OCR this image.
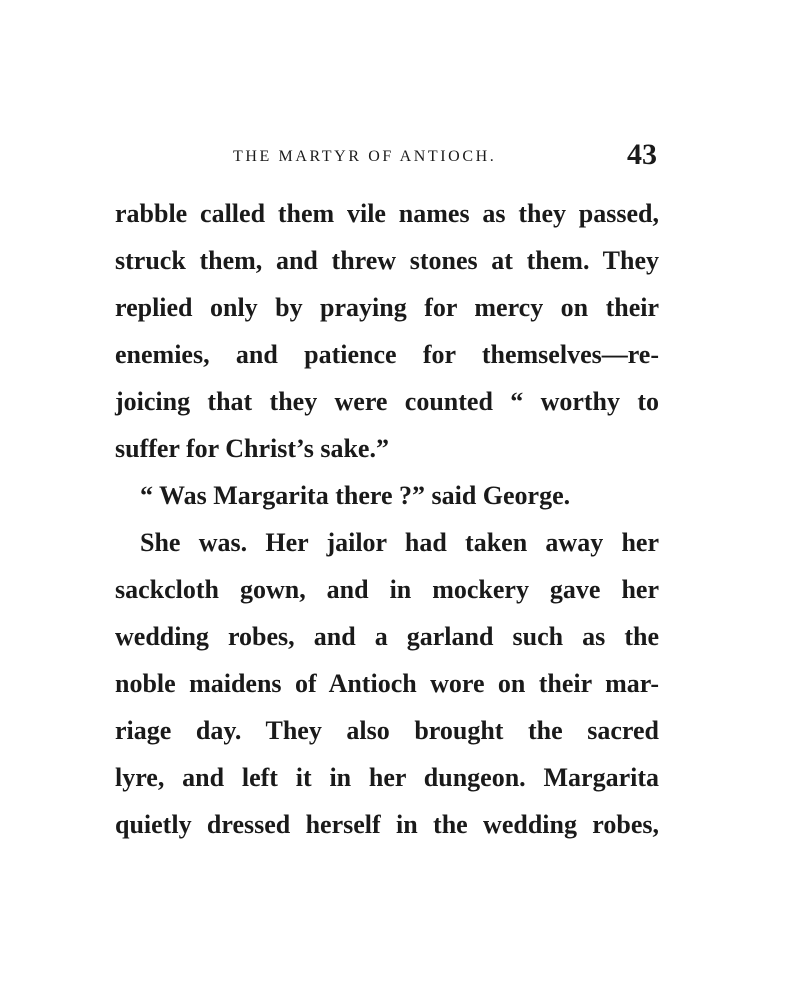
THE MARTYR OF ANTIOCH.	43
rabble called them vile names as they passed,
struck them, and threw stones at them. They
replied only by praying for mercy on their
enemies, and patience for themselves—re-
joicing that they were counted “ worthy to
suffer for Christ’s sake.”
“ Was Margarita there ?” said George.
She was. Her jailor had taken away her
sackcloth gown, and in mockery gave her
wedding robes, and a garland such as the
noble maidens of Antioch wore on their mar-
riage day. They also brought the sacred
lyre, and left it in her dungeon. Margarita
quietly dressed herself in the wedding robes,
